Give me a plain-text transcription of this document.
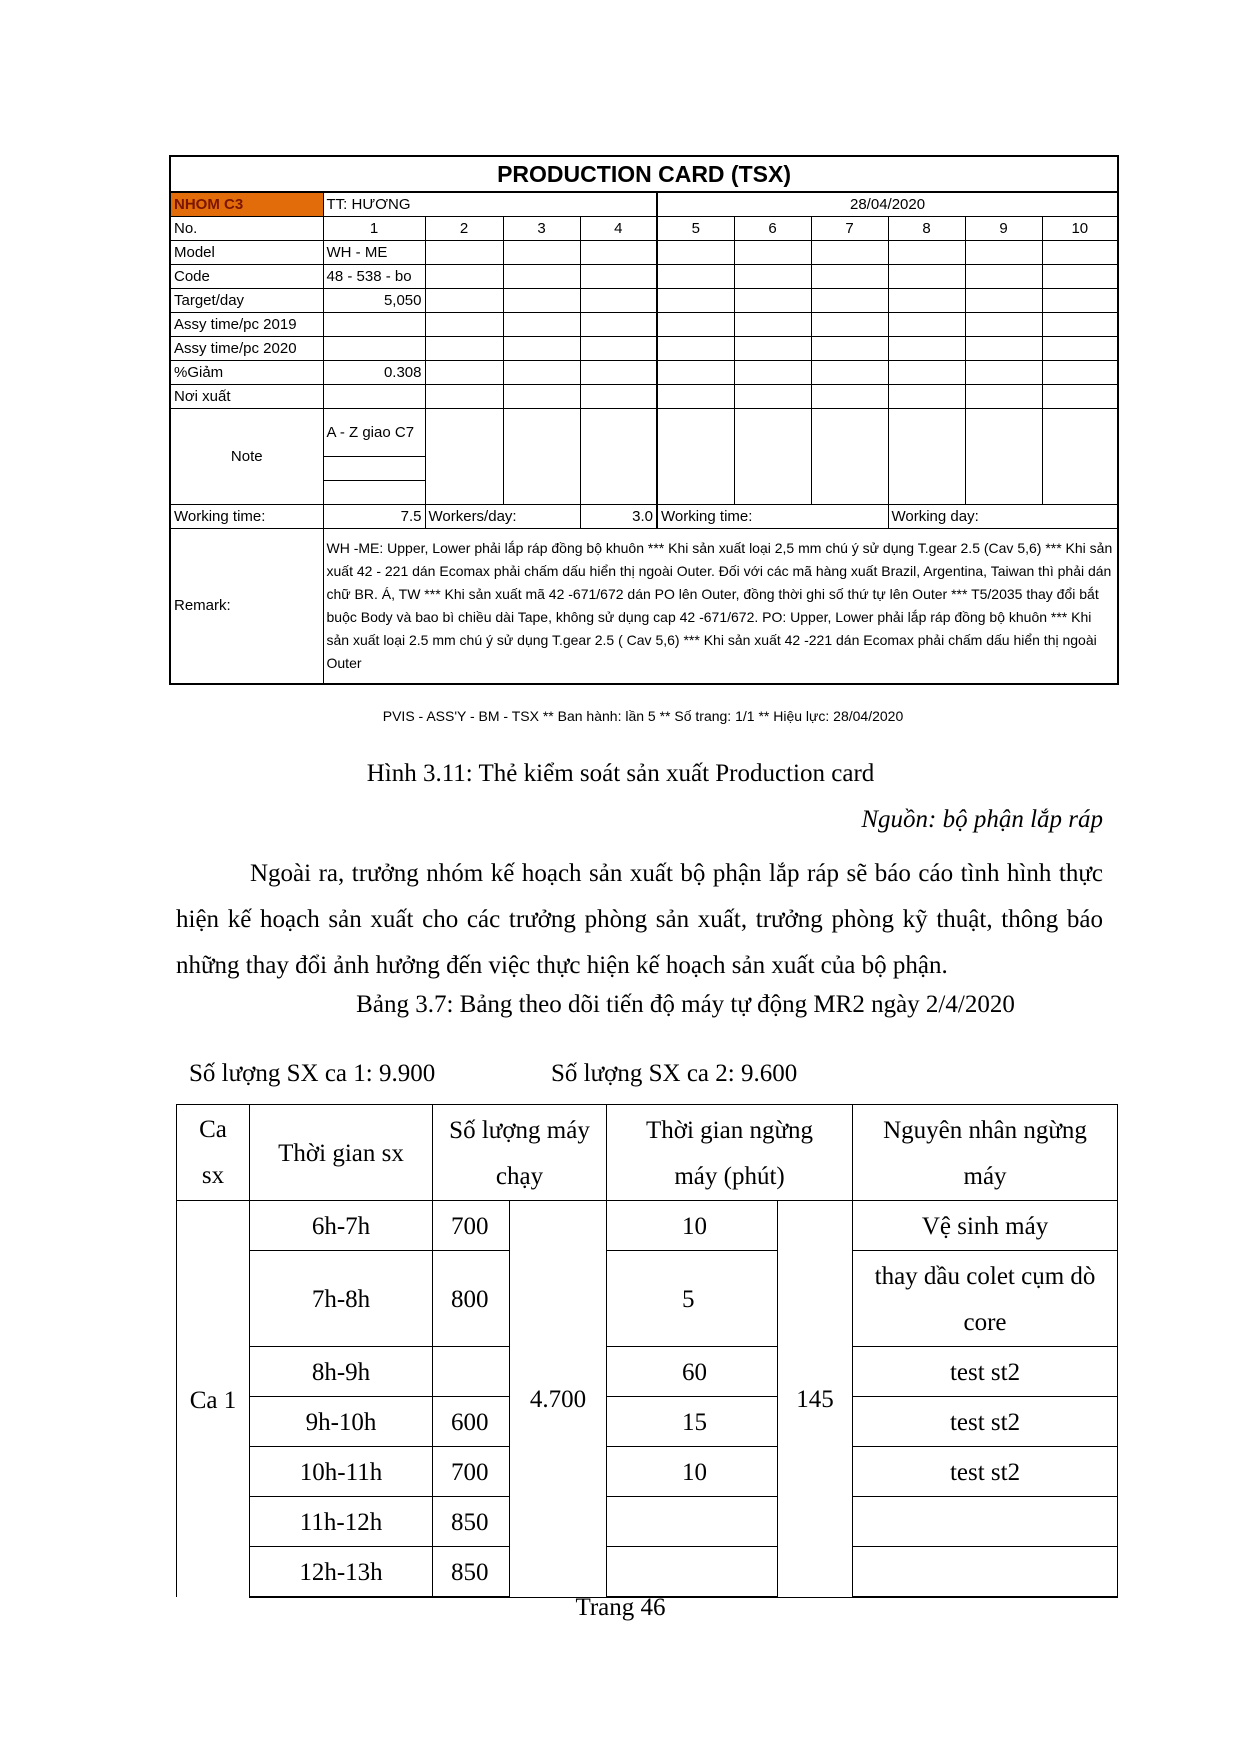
PRODUCTION CARD (TSX)										
NHOM C3	TT: HƯƠNG				28/04/2020					
No.	1	2	3	4	5	6	7	8	9	10
Model	WH - ME									
Code	48 - 538 - bo									
Target/day	5,050									
Assy time/pc 2019										
Assy time/pc 2020										
%Giảm	0.308									
Nơi xuất										
Note	A - Z giao C7									

Working time:	7.5	Workers/day:		3.0	Working time:			Working day:		
Remark:	WH -ME: Upper, Lower phải lắp ráp đồng bộ khuôn *** Khi sản xuất loại 2,5 mm chú ý sử dụng T.gear 2.5 (Cav 5,6) *** Khi sản xuất 42 - 221 dán Ecomax phải chấm dấu hiển thị ngoài Outer. Đối với các mã hàng xuất Brazil, Argentina, Taiwan thì phải dán chữ BR. Á, TW *** Khi sản xuất mã 42 -671/672 dán PO lên Outer, đồng thời ghi số thứ tự lên Outer *** T5/2035 thay đổi bắt buộc Body và bao bì chiều dài Tape, không sử dụng cap 42 -671/672. PO: Upper, Lower phải lắp ráp đồng bộ khuôn *** Khi sản xuất loại 2.5 mm chú ý sử dụng T.gear 2.5 ( Cav 5,6) *** Khi sản xuất 42 -221 dán Ecomax phải chấm dấu hiển thị ngoài Outer									
PVIS - ASS'Y - BM - TSX ** Ban hành: lần 5 ** Số trang: 1/1 ** Hiệu lực: 28/04/2020
Hình 3.11: Thẻ kiểm soát sản xuất Production card
Nguồn: bộ phận lắp ráp
Ngoài ra, trưởng nhóm kế hoạch sản xuất bộ phận lắp ráp sẽ báo cáo tình hình thực hiện kế hoạch sản xuất cho các trưởng phòng sản xuất, trưởng phòng kỹ thuật, thông báo những thay đổi ảnh hưởng đến việc thực hiện kế hoạch sản xuất của bộ phận.
Bảng 3.7: Bảng theo dõi tiến độ máy tự động MR2 ngày 2/4/2020
Số lượng SX ca 1: 9.900	Số lượng SX ca 2: 9.600
Ca sx	Thời gian sx	Số lượng máy chạy		Thời gian ngừng máy (phút)		Nguyên nhân ngừng máy
Ca 1	6h-7h	700	4.700	10	145	Vệ sinh máy
	7h-8h	800		5		thay dầu colet cụm dò core
	8h-9h			60		test st2
	9h-10h	600		15		test st2
	10h-11h	700		10		test st2
	11h-12h	850				
	12h-13h	850				
Trang 46
